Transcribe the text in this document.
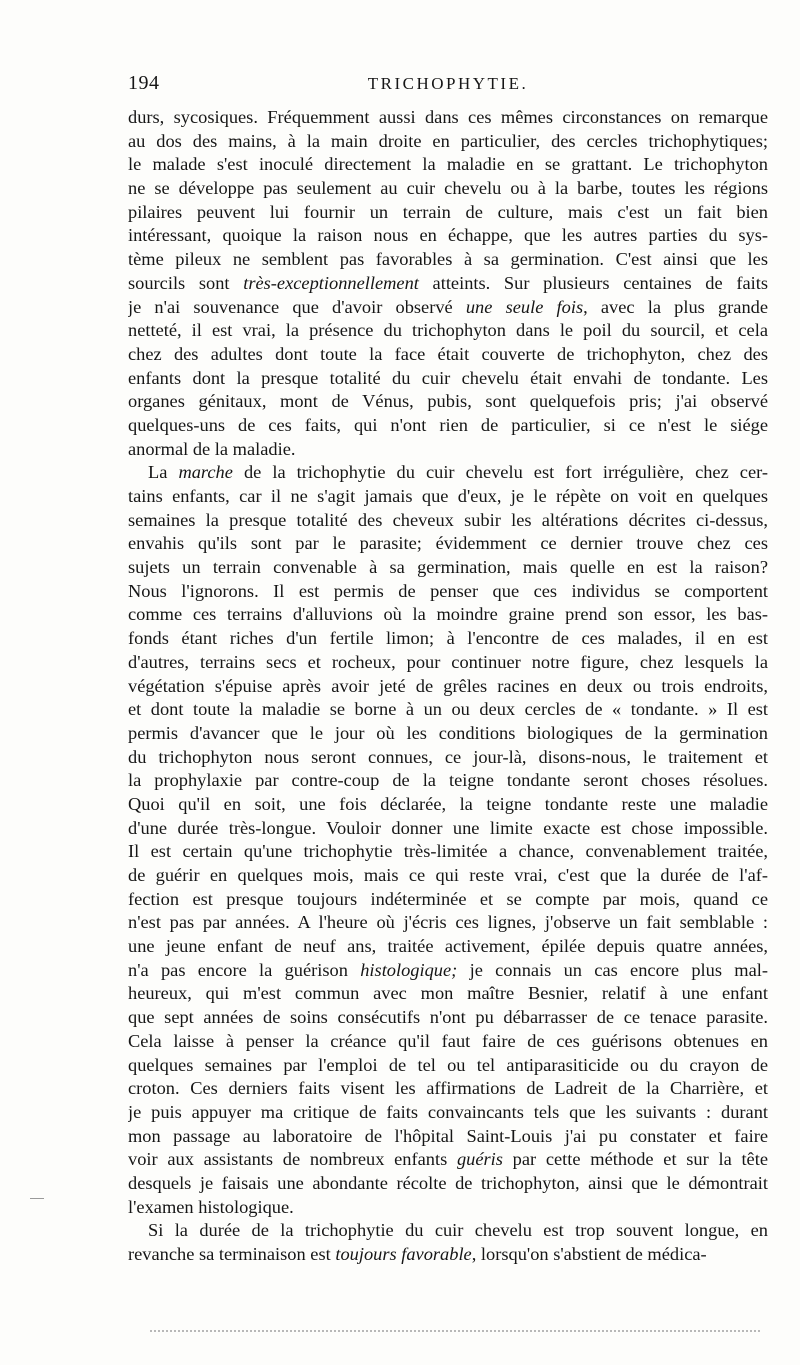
194	TRICHOPHYTIE.
durs, sycosiques. Fréquemment aussi dans ces mêmes circonstances on remarque
au dos des mains, à la main droite en particulier, des cercles trichophytiques;
le malade s'est inoculé directement la maladie en se grattant. Le trichophyton
ne se développe pas seulement au cuir chevelu ou à la barbe, toutes les régions
pilaires peuvent lui fournir un terrain de culture, mais c'est un fait bien
intéressant, quoique la raison nous en échappe, que les autres parties du sys-
tème pileux ne semblent pas favorables à sa germination. C'est ainsi que les
sourcils sont très-exceptionnellement atteints. Sur plusieurs centaines de faits
je n'ai souvenance que d'avoir observé une seule fois, avec la plus grande
netteté, il est vrai, la présence du trichophyton dans le poil du sourcil, et cela
chez des adultes dont toute la face était couverte de trichophyton, chez des
enfants dont la presque totalité du cuir chevelu était envahi de tondante. Les
organes génitaux, mont de Vénus, pubis, sont quelquefois pris; j'ai observé
quelques-uns de ces faits, qui n'ont rien de particulier, si ce n'est le siége
anormal de la maladie.
La marche de la trichophytie du cuir chevelu est fort irrégulière, chez cer-
tains enfants, car il ne s'agit jamais que d'eux, je le répète on voit en quelques
semaines la presque totalité des cheveux subir les altérations décrites ci-dessus,
envahis qu'ils sont par le parasite; évidemment ce dernier trouve chez ces
sujets un terrain convenable à sa germination, mais quelle en est la raison?
Nous l'ignorons. Il est permis de penser que ces individus se comportent
comme ces terrains d'alluvions où la moindre graine prend son essor, les bas-
fonds étant riches d'un fertile limon; à l'encontre de ces malades, il en est
d'autres, terrains secs et rocheux, pour continuer notre figure, chez lesquels la
végétation s'épuise après avoir jeté de grêles racines en deux ou trois endroits,
et dont toute la maladie se borne à un ou deux cercles de « tondante. » Il est
permis d'avancer que le jour où les conditions biologiques de la germination
du trichophyton nous seront connues, ce jour-là, disons-nous, le traitement et
la prophylaxie par contre-coup de la teigne tondante seront choses résolues.
Quoi qu'il en soit, une fois déclarée, la teigne tondante reste une maladie
d'une durée très-longue. Vouloir donner une limite exacte est chose impossible.
Il est certain qu'une trichophytie très-limitée a chance, convenablement traitée,
de guérir en quelques mois, mais ce qui reste vrai, c'est que la durée de l'af-
fection est presque toujours indéterminée et se compte par mois, quand ce
n'est pas par années. A l'heure où j'écris ces lignes, j'observe un fait semblable :
une jeune enfant de neuf ans, traitée activement, épilée depuis quatre années,
n'a pas encore la guérison histologique; je connais un cas encore plus mal-
heureux, qui m'est commun avec mon maître Besnier, relatif à une enfant
que sept années de soins consécutifs n'ont pu débarrasser de ce tenace parasite.
Cela laisse à penser la créance qu'il faut faire de ces guérisons obtenues en
quelques semaines par l'emploi de tel ou tel antiparasiticide ou du crayon de
croton. Ces derniers faits visent les affirmations de Ladreit de la Charrière, et
je puis appuyer ma critique de faits convaincants tels que les suivants : durant
mon passage au laboratoire de l'hôpital Saint-Louis j'ai pu constater et faire
voir aux assistants de nombreux enfants guéris par cette méthode et sur la tête
desquels je faisais une abondante récolte de trichophyton, ainsi que le démontrait
l'examen histologique.
Si la durée de la trichophytie du cuir chevelu est trop souvent longue, en
revanche sa terminaison est toujours favorable, lorsqu'on s'abstient de médica-
